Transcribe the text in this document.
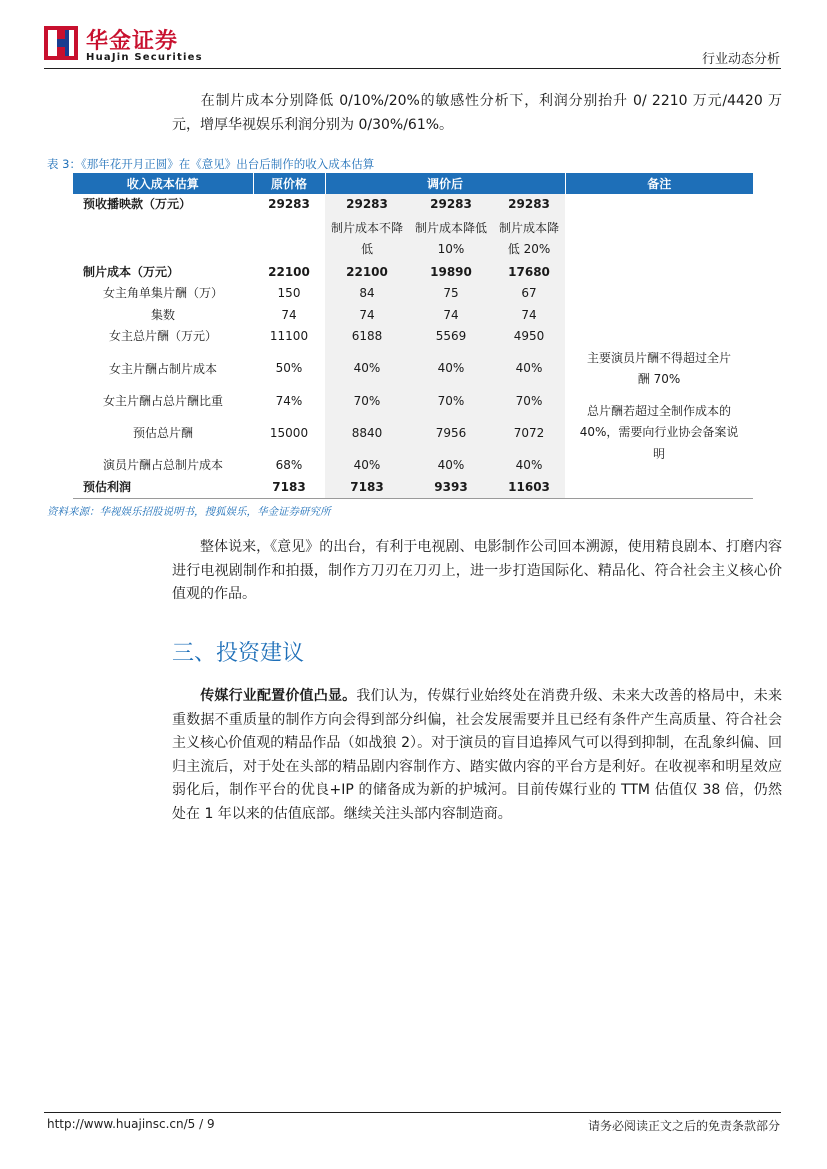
华金证券
HuaJin Securities	行业动态分析
在制片成本分别降低 0/10%/20%的敏感性分析下，利润分别抬升 0/ 2210 万元/4420 万元，增厚华视娱乐利润分别为 0/30%/61%。
表 3：《那年花开月正圆》在《意见》出台后制作的收入成本估算
收入成本估算	原价格	调价后			备注
预收播映款（万元）	29283	29283	29283	29283	
		制片成本不降低	制片成本降低 10%	制片成本降低 20%	
制片成本（万元）	22100	22100	19890	17680	
女主角单集片酬（万）	150	84	75	67	
集数	74	74	74	74	
女主总片酬（万元）	11100	6188	5569	4950	
女主片酬占制片成本	50%	40%	40%	40%	主要演员片酬不得超过全片酬 70%
女主片酬占总片酬比重	74%	70%	70%	70%	总片酬若超过全制作成本的 40%，需要向行业协会备案说明
预估总片酬	15000	8840	7956	7072	
演员片酬占总制片成本	68%	40%	40%	40%	
预估利润	7183	7183	9393	11603	
资料来源：华视娱乐招股说明书，搜狐娱乐，华金证券研究所
整体说来，《意见》的出台，有利于电视剧、电影制作公司回本溯源，使用精良剧本、打磨内容进行电视剧制作和拍摄，制作方刀刃在刀刃上，进一步打造国际化、精品化、符合社会主义核心价值观的作品。
三、投资建议
传媒行业配置价值凸显。我们认为，传媒行业始终处在消费升级、未来大改善的格局中，未来重数据不重质量的制作方向会得到部分纠偏，社会发展需要并且已经有条件产生高质量、符合社会主义核心价值观的精品作品（如战狼 2）。对于演员的盲目追捧风气可以得到抑制，在乱象纠偏、回归主流后，对于处在头部的精品剧内容制作方、踏实做内容的平台方是利好。在收视率和明星效应弱化后，制作平台的优良+IP 的储备成为新的护城河。目前传媒行业的 TTM 估值仅 38 倍，仍然处在 1 年以来的估值底部。继续关注头部内容制造商。
http://www.huajinsc.cn/5 / 9	请务必阅读正文之后的免责条款部分
